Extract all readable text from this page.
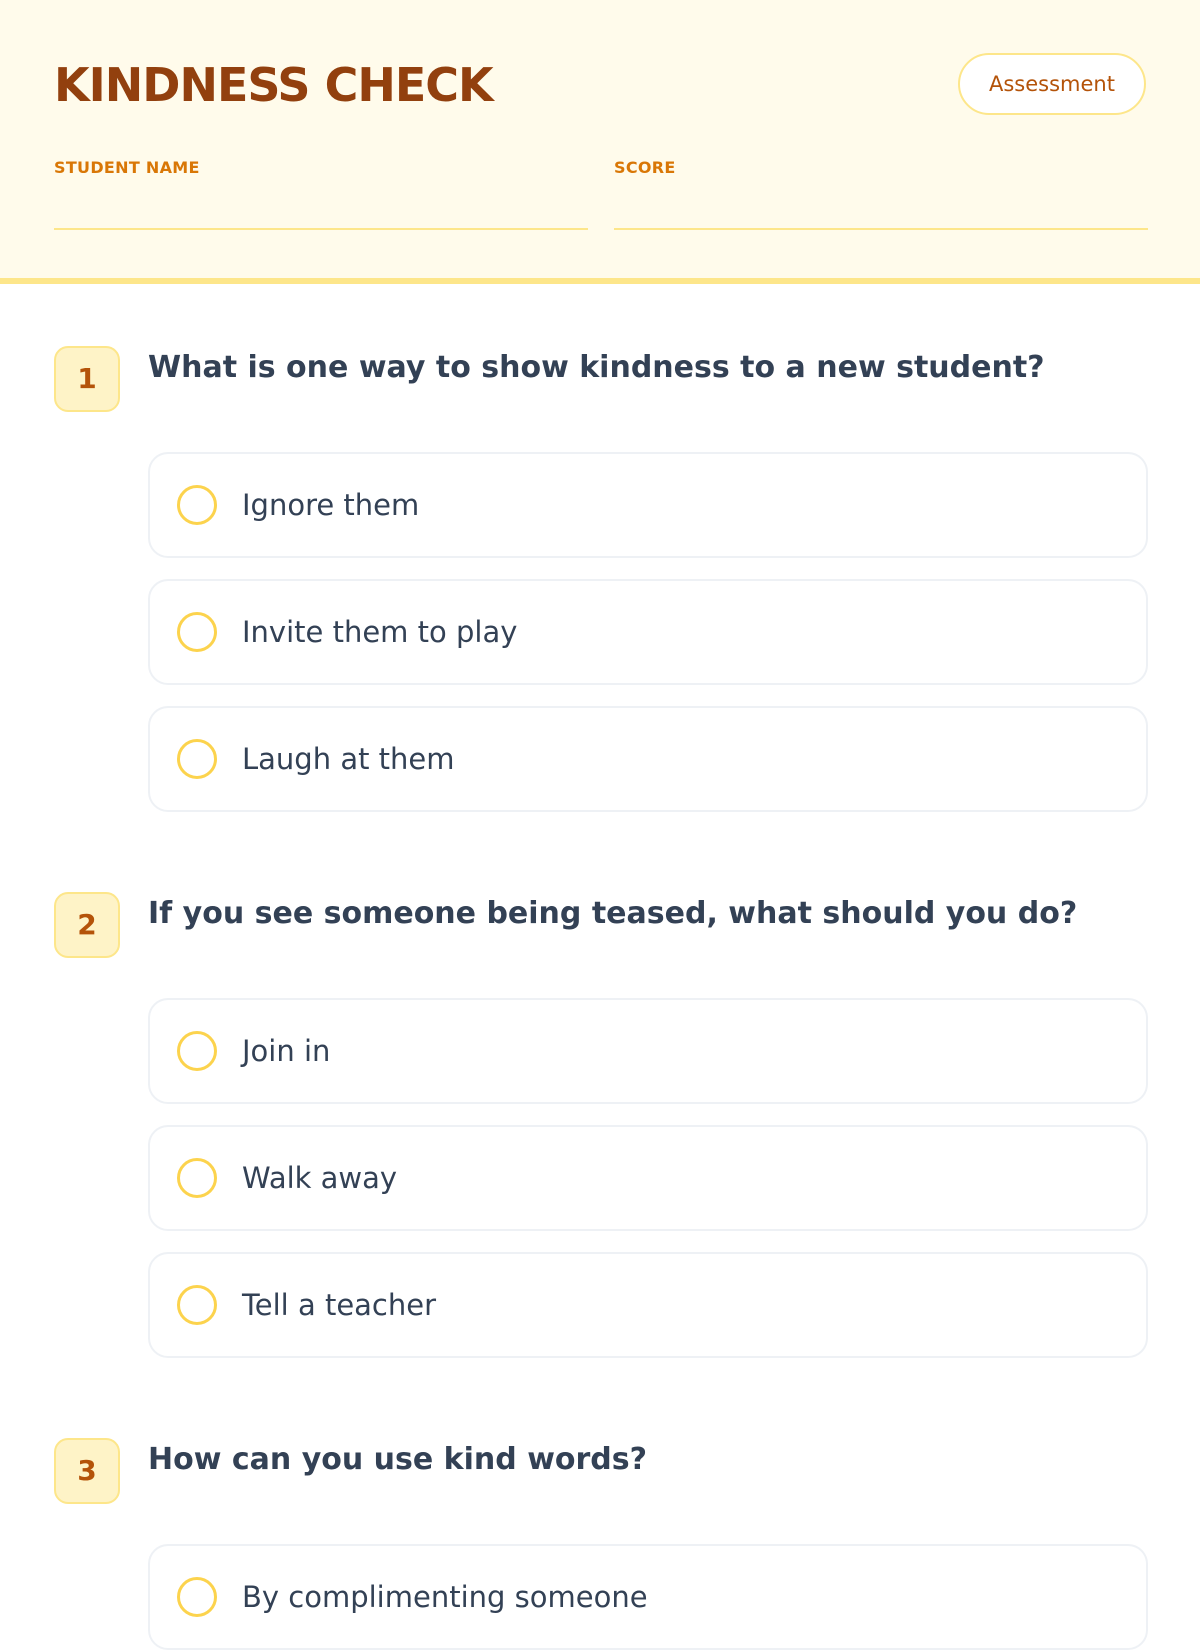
KINDNESS CHECK	Assessment
STUDENT NAME	SCORE
1	What is one way to show kindness to a new student?
Ignore them
Invite them to play
Laugh at them
2	If you see someone being teased, what should you do?
Join in
Walk away
Tell a teacher
3	How can you use kind words?
By complimenting someone
